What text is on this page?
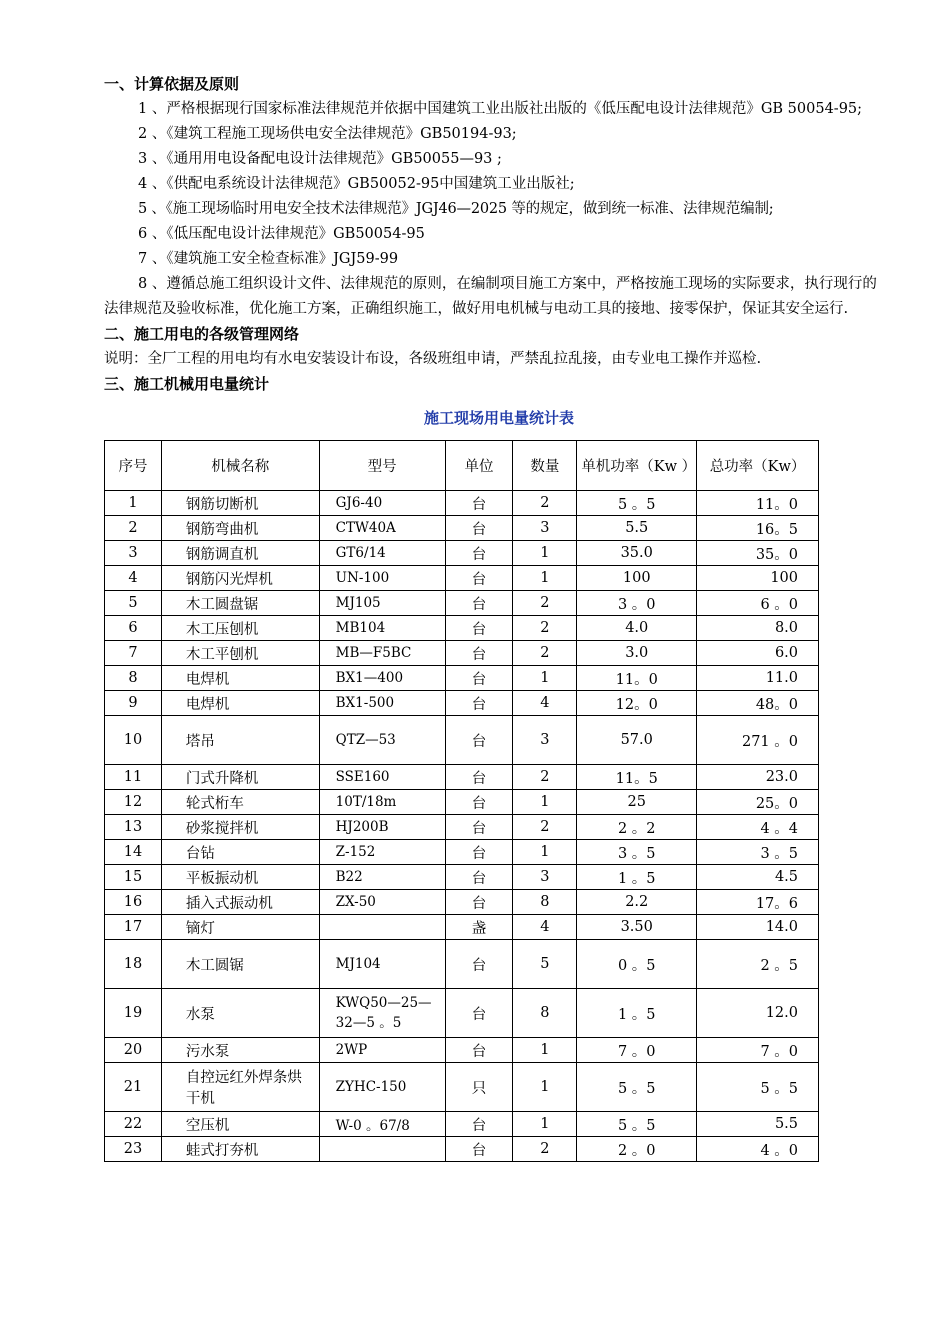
一、计算依据及原则

1 、严格根据现行国家标准法律规范并依据中国建筑工业出版社出版的《低压配电设计法律规范》GB 50054-95;

2 、《建筑工程施工现场供电安全法律规范》GB50194-93;

3 、《通用用电设备配电设计法律规范》GB50055—93 ;

4 、《供配电系统设计法律规范》GB50052-95中国建筑工业出版社;

5 、《施工现场临时用电安全技术法律规范》JGJ46—2025 等的规定，做到统一标准、法律规范编制;

6 、《低压配电设计法律规范》GB50054-95

7 、《建筑施工安全检查标准》JGJ59-99

8 、遵循总施工组织设计文件、法律规范的原则，在编制项目施工方案中，严格按施工现场的实际要求，执行现行的法律规范及验收标准，优化施工方案，正确组织施工，做好用电机械与电动工具的接地、接零保护，保证其安全运行.

二、施工用电的各级管理网络

说明：全厂工程的用电均有水电安装设计布设，各级班组申请，严禁乱拉乱接，由专业电工操作并巡检.

三、施工机械用电量统计

施工现场用电量统计表

序号	机械名称	型号	单位	数量	单机功率（Kw ）	总功率（Kw）
1	钢筋切断机	GJ6-40	台	2	5 。5	11。0
2	钢筋弯曲机	CTW40A	台	3	5.5	16。5
3	钢筋调直机	GT6/14	台	1	35.0	35。0
4	钢筋闪光焊机	UN-100	台	1	100	100
5	木工圆盘锯	MJ105	台	2	3 。0	6 。0
6	木工压刨机	MB104	台	2	4.0	8.0
7	木工平刨机	MB—F5BC	台	2	3.0	6.0
8	电焊机	BX1—400	台	1	11。0	11.0
9	电焊机	BX1-500	台	4	12。0	48。0
10	塔吊	QTZ—53	台	3	57.0	271 。0
11	门式升降机	SSE160	台	2	11。5	23.0
12	轮式桁车	10T/18m	台	1	25	25。0
13	砂浆搅拌机	HJ200B	台	2	2 。2	4 。4
14	台钻	Z-152	台	1	3 。5	3 。5
15	平板振动机	B22	台	3	1 。5	4.5
16	插入式振动机	ZX-50	台	8	2.2	17。6
17	镝灯		盏	4	3.50	14.0
18	木工圆锯	MJ104	台	5	0 。5	2 。5
19	水泵	KWQ50—25—32—5 。5	台	8	1 。5	12.0
20	污水泵	2WP	台	1	7 。0	7 。0
21	自控远红外焊条烘干机	ZYHC-150	只	1	5 。5	5 。5
22	空压机	W-0 。67/8	台	1	5 。5	5.5
23	蛙式打夯机		台	2	2 。0	4 。0
